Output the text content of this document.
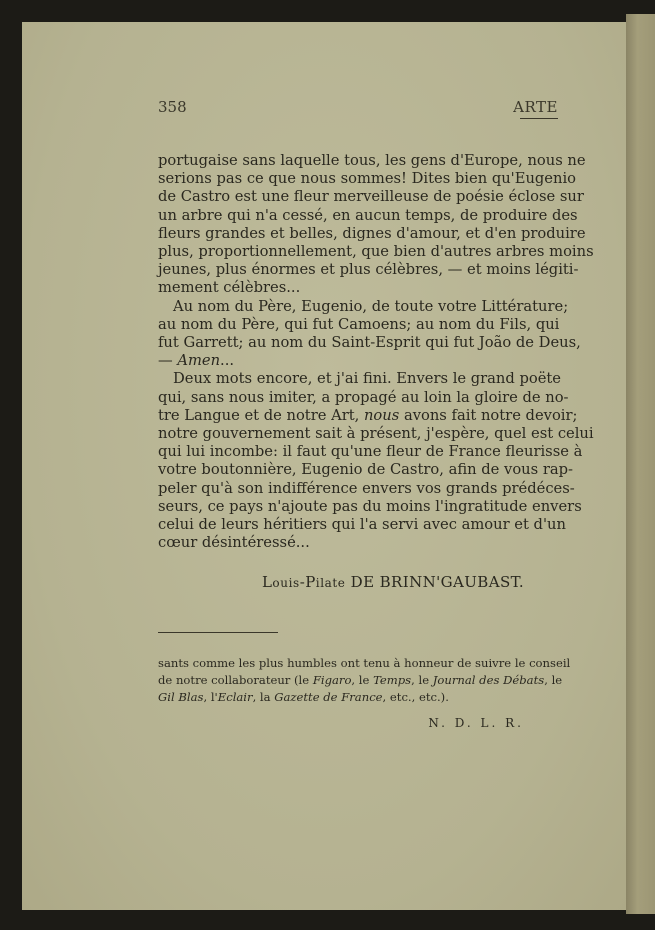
358	ARTE

portugaise sans laquelle tous, les gens d'Europe, nous ne
serions pas ce que nous sommes! Dites bien qu'Eugenio
de Castro est une fleur merveilleuse de poésie éclose sur
un arbre qui n'a cessé, en aucun temps, de produire des
fleurs grandes et belles, dignes d'amour, et d'en produire
plus, proportionnellement, que bien d'autres arbres moins
jeunes, plus énormes et plus célèbres, — et moins légiti-
mement célèbres...

Au nom du Père, Eugenio, de toute votre Littérature;
au nom du Père, qui fut Camoens; au nom du Fils, qui
fut Garrett; au nom du Saint-Esprit qui fut João de Deus,
— Amen...

Deux mots encore, et j'ai fini. Envers le grand poëte
qui, sans nous imiter, a propagé au loin la gloire de no-
tre Langue et de notre Art, nous avons fait notre devoir;
notre gouvernement sait à présent, j'espère, quel est celui
qui lui incombe: il faut qu'une fleur de France fleurisse à
votre boutonnière, Eugenio de Castro, afin de vous rap-
peler qu'à son indifférence envers vos grands prédéces-
seurs, ce pays n'ajoute pas du moins l'ingratitude envers
celui de leurs héritiers qui l'a servi avec amour et d'un
cœur désintéressé...

Louis-Pilate DE BRINN'GAUBAST.
sants comme les plus humbles ont tenu à honneur de suivre le conseil
de notre collaborateur (le Figaro, le Temps, le Journal des Débats, le
Gil Blas, l'Eclair, la Gazette de France, etc., etc.).
N. D. L. R.
